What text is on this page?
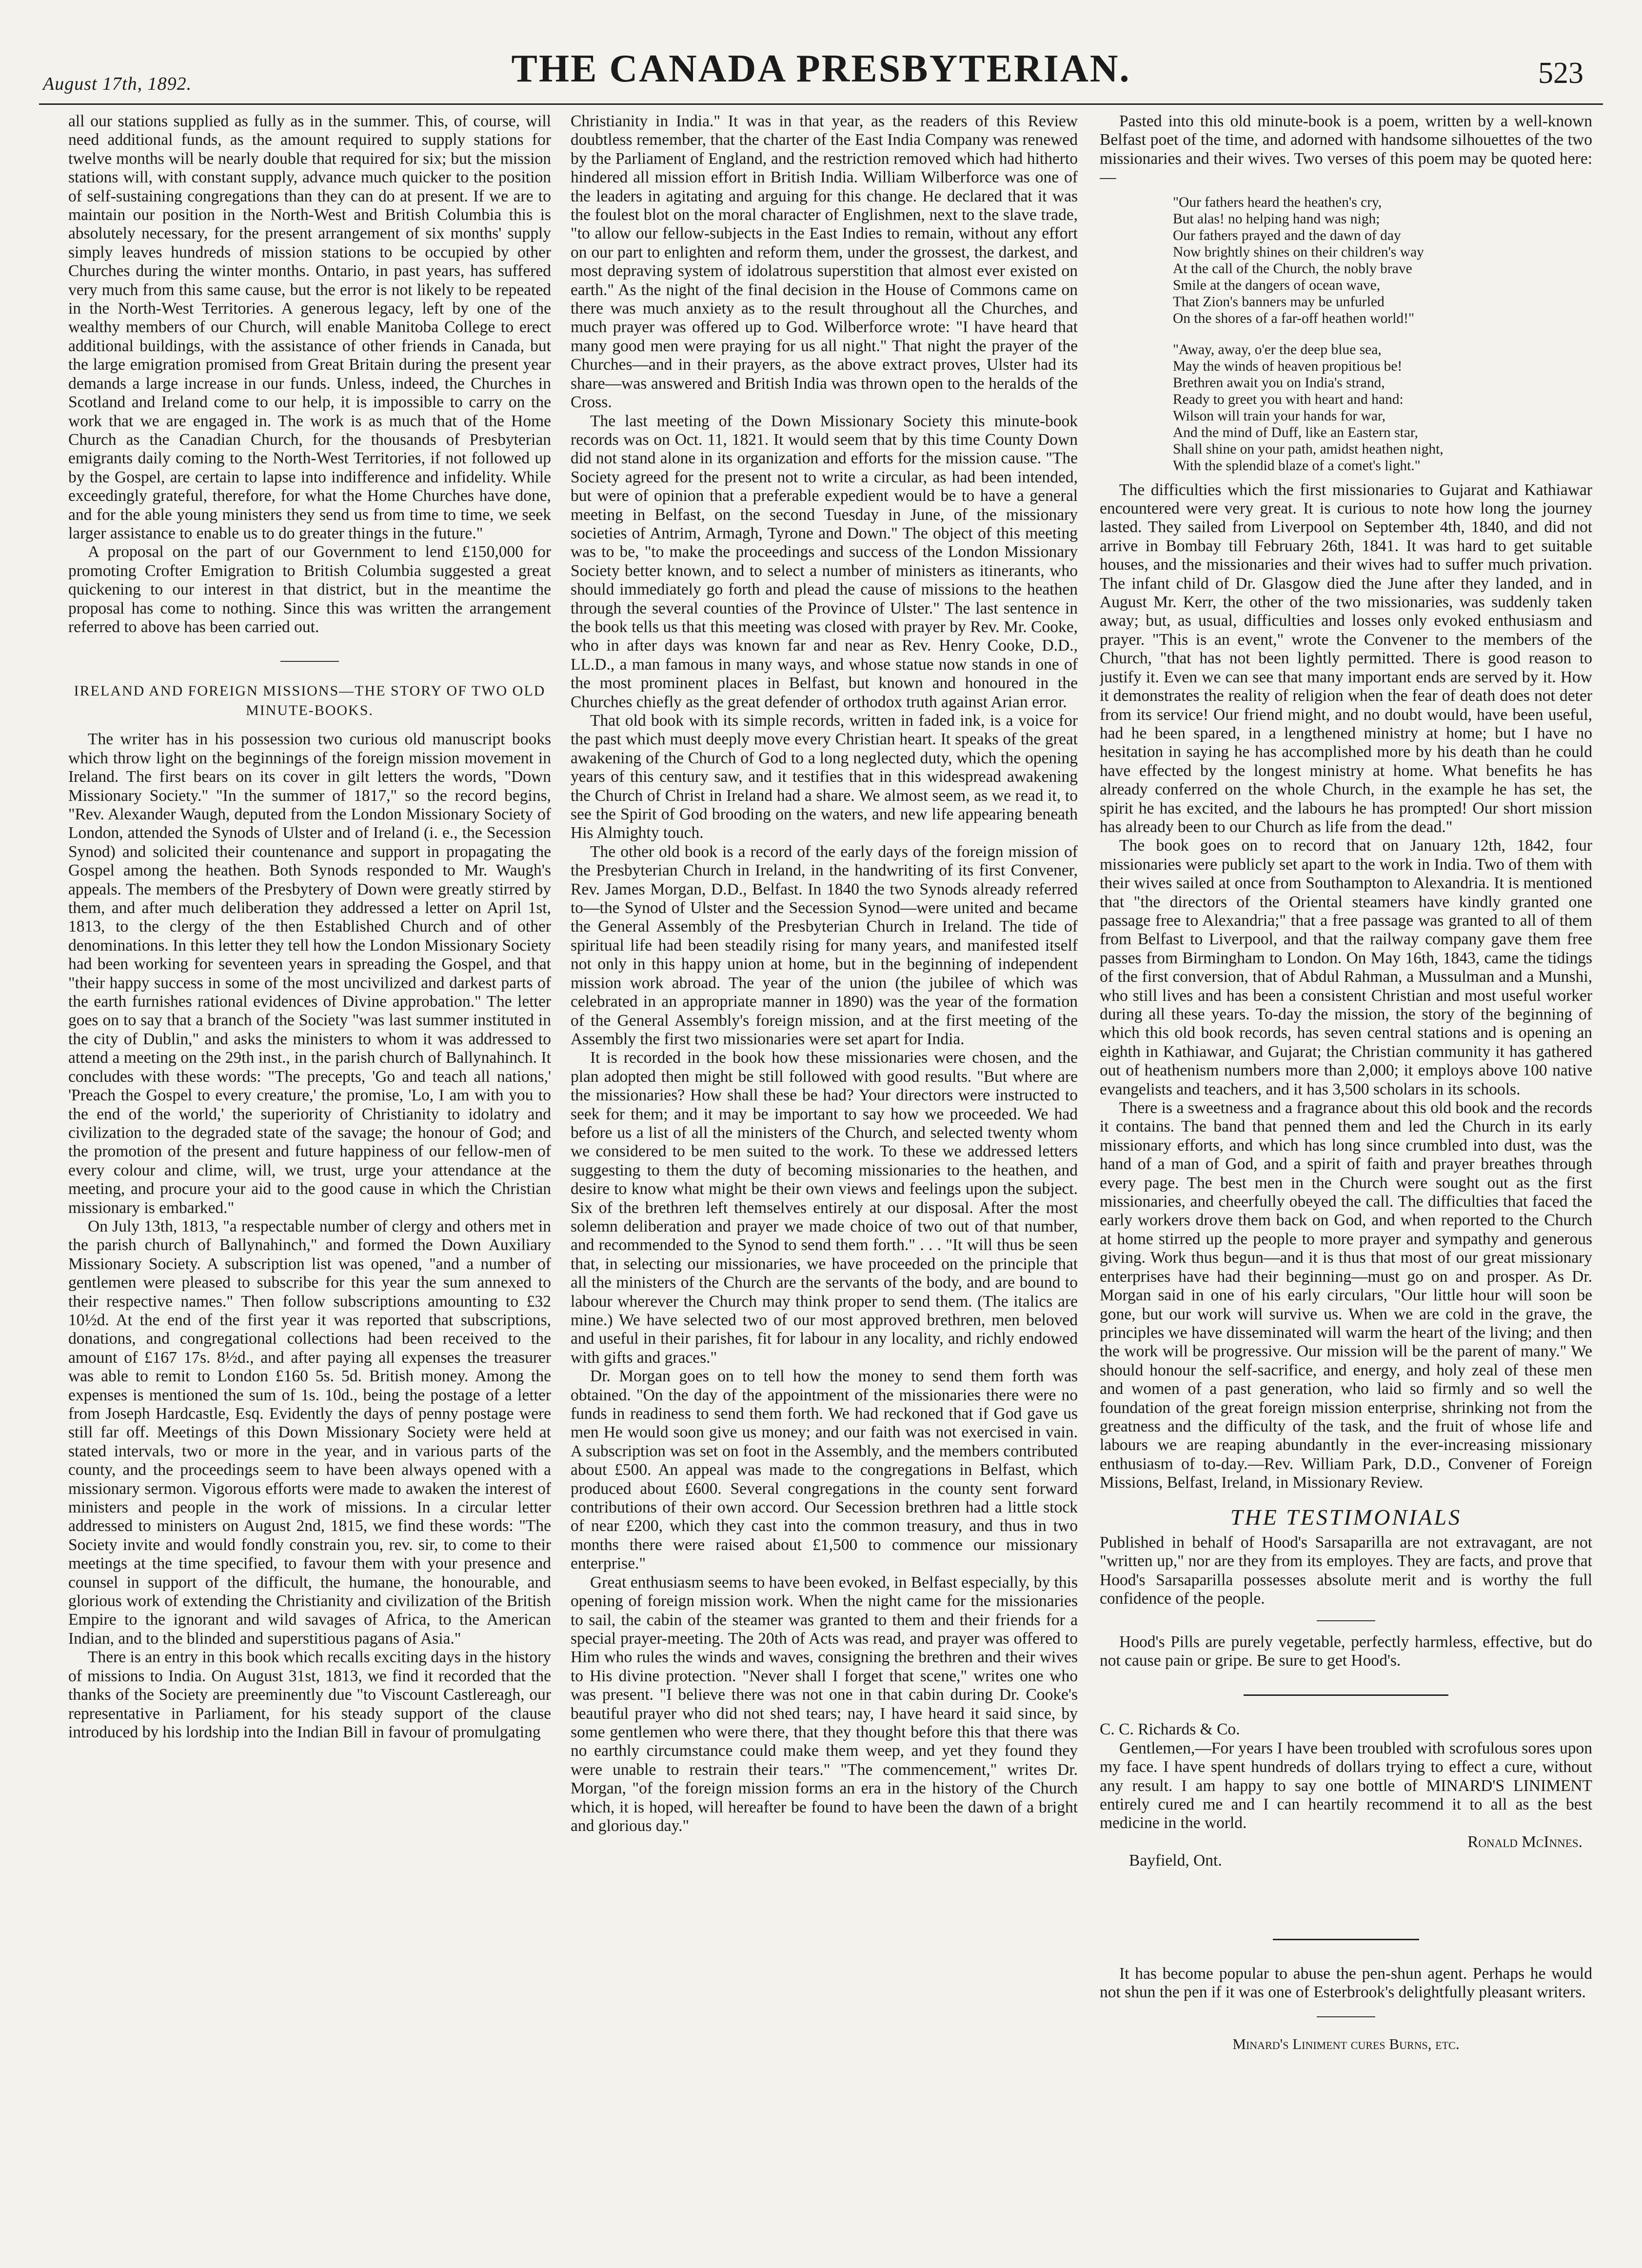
August 17th, 1892.	THE CANADA PRESBYTERIAN.	523

all our stations supplied as fully as in the summer. This, of course, will need additional funds, as the amount required to supply stations for twelve months will be nearly double that required for six; but the mission stations will, with constant supply, advance much quicker to the position of self-sustaining congregations than they can do at present. If we are to maintain our position in the North-West and British Columbia this is absolutely necessary, for the present arrangement of six months' supply simply leaves hundreds of mission stations to be occupied by other Churches during the winter months. Ontario, in past years, has suffered very much from this same cause, but the error is not likely to be repeated in the North-West Territories. A generous legacy, left by one of the wealthy members of our Church, will enable Manitoba College to erect additional buildings, with the assistance of other friends in Canada, but the large emigration promised from Great Britain during the present year demands a large increase in our funds. Unless, indeed, the Churches in Scotland and Ireland come to our help, it is impossible to carry on the work that we are engaged in. The work is as much that of the Home Church as the Canadian Church, for the thousands of Presbyterian emigrants daily coming to the North-West Territories, if not followed up by the Gospel, are certain to lapse into indifference and infidelity. While exceedingly grateful, therefore, for what the Home Churches have done, and for the able young ministers they send us from time to time, we seek larger assistance to enable us to do greater things in the future."

A proposal on the part of our Government to lend £150,000 for promoting Crofter Emigration to British Columbia suggested a great quickening to our interest in that district, but in the meantime the proposal has come to nothing. Since this was written the arrangement referred to above has been carried out.

IRELAND AND FOREIGN MISSIONS—THE STORY OF TWO OLD MINUTE-BOOKS.

The writer has in his possession two curious old manuscript books which throw light on the beginnings of the foreign mission movement in Ireland. The first bears on its cover in gilt letters the words, "Down Missionary Society." "In the summer of 1817," so the record begins, "Rev. Alexander Waugh, deputed from the London Missionary Society of London, attended the Synods of Ulster and of Ireland (i. e., the Secession Synod) and solicited their countenance and support in propagating the Gospel among the heathen. Both Synods responded to Mr. Waugh's appeals. The members of the Presbytery of Down were greatly stirred by them, and after much deliberation they addressed a letter on April 1st, 1813, to the clergy of the then Established Church and of other denominations. In this letter they tell how the London Missionary Society had been working for seventeen years in spreading the Gospel, and that "their happy success in some of the most uncivilized and darkest parts of the earth furnishes rational evidences of Divine approbation." The letter goes on to say that a branch of the Society "was last summer instituted in the city of Dublin," and asks the ministers to whom it was addressed to attend a meeting on the 29th inst., in the parish church of Ballynahinch. It concludes with these words: "The precepts, 'Go and teach all nations,' 'Preach the Gospel to every creature,' the promise, 'Lo, I am with you to the end of the world,' the superiority of Christianity to idolatry and civilization to the degraded state of the savage; the honour of God; and the promotion of the present and future happiness of our fellow-men of every colour and clime, will, we trust, urge your attendance at the meeting, and procure your aid to the good cause in which the Christian missionary is embarked."

On July 13th, 1813, "a respectable number of clergy and others met in the parish church of Ballynahinch," and formed the Down Auxiliary Missionary Society. A subscription list was opened, "and a number of gentlemen were pleased to subscribe for this year the sum annexed to their respective names." Then follow subscriptions amounting to £32 10½d. At the end of the first year it was reported that subscriptions, donations, and congregational collections had been received to the amount of £167 17s. 8½d., and after paying all expenses the treasurer was able to remit to London £160 5s. 5d. British money. Among the expenses is mentioned the sum of 1s. 10d., being the postage of a letter from Joseph Hardcastle, Esq. Evidently the days of penny postage were still far off. Meetings of this Down Missionary Society were held at stated intervals, two or more in the year, and in various parts of the county, and the proceedings seem to have been always opened with a missionary sermon. Vigorous efforts were made to awaken the interest of ministers and people in the work of missions. In a circular letter addressed to ministers on August 2nd, 1815, we find these words: "The Society invite and would fondly constrain you, rev. sir, to come to their meetings at the time specified, to favour them with your presence and counsel in support of the difficult, the humane, the honourable, and glorious work of extending the Christianity and civilization of the British Empire to the ignorant and wild savages of Africa, to the American Indian, and to the blinded and superstitious pagans of Asia."

There is an entry in this book which recalls exciting days in the history of missions to India. On August 31st, 1813, we find it recorded that the thanks of the Society are preeminently due "to Viscount Castlereagh, our representative in Parliament, for his steady support of the clause introduced by his lordship into the Indian Bill in favour of promulgating

Christianity in India." It was in that year, as the readers of this Review doubtless remember, that the charter of the East India Company was renewed by the Parliament of England, and the restriction removed which had hitherto hindered all mission effort in British India. William Wilberforce was one of the leaders in agitating and arguing for this change. He declared that it was the foulest blot on the moral character of Englishmen, next to the slave trade, "to allow our fellow-subjects in the East Indies to remain, without any effort on our part to enlighten and reform them, under the grossest, the darkest, and most depraving system of idolatrous superstition that almost ever existed on earth." As the night of the final decision in the House of Commons came on there was much anxiety as to the result throughout all the Churches, and much prayer was offered up to God. Wilberforce wrote: "I have heard that many good men were praying for us all night." That night the prayer of the Churches—and in their prayers, as the above extract proves, Ulster had its share—was answered and British India was thrown open to the heralds of the Cross.

The last meeting of the Down Missionary Society this minute-book records was on Oct. 11, 1821. It would seem that by this time County Down did not stand alone in its organization and efforts for the mission cause. "The Society agreed for the present not to write a circular, as had been intended, but were of opinion that a preferable expedient would be to have a general meeting in Belfast, on the second Tuesday in June, of the missionary societies of Antrim, Armagh, Tyrone and Down." The object of this meeting was to be, "to make the proceedings and success of the London Missionary Society better known, and to select a number of ministers as itinerants, who should immediately go forth and plead the cause of missions to the heathen through the several counties of the Province of Ulster." The last sentence in the book tells us that this meeting was closed with prayer by Rev. Mr. Cooke, who in after days was known far and near as Rev. Henry Cooke, D.D., LL.D., a man famous in many ways, and whose statue now stands in one of the most prominent places in Belfast, but known and honoured in the Churches chiefly as the great defender of orthodox truth against Arian error.

That old book with its simple records, written in faded ink, is a voice for the past which must deeply move every Christian heart. It speaks of the great awakening of the Church of God to a long neglected duty, which the opening years of this century saw, and it testifies that in this widespread awakening the Church of Christ in Ireland had a share. We almost seem, as we read it, to see the Spirit of God brooding on the waters, and new life appearing beneath His Almighty touch.

The other old book is a record of the early days of the foreign mission of the Presbyterian Church in Ireland, in the handwriting of its first Convener, Rev. James Morgan, D.D., Belfast. In 1840 the two Synods already referred to—the Synod of Ulster and the Secession Synod—were united and became the General Assembly of the Presbyterian Church in Ireland. The tide of spiritual life had been steadily rising for many years, and manifested itself not only in this happy union at home, but in the beginning of independent mission work abroad. The year of the union (the jubilee of which was celebrated in an appropriate manner in 1890) was the year of the formation of the General Assembly's foreign mission, and at the first meeting of the Assembly the first two missionaries were set apart for India.

It is recorded in the book how these missionaries were chosen, and the plan adopted then might be still followed with good results. "But where are the missionaries? How shall these be had? Your directors were instructed to seek for them; and it may be important to say how we proceeded. We had before us a list of all the ministers of the Church, and selected twenty whom we considered to be men suited to the work. To these we addressed letters suggesting to them the duty of becoming missionaries to the heathen, and desire to know what might be their own views and feelings upon the subject. Six of the brethren left themselves entirely at our disposal. After the most solemn deliberation and prayer we made choice of two out of that number, and recommended to the Synod to send them forth." . . . "It will thus be seen that, in selecting our missionaries, we have proceeded on the principle that all the ministers of the Church are the servants of the body, and are bound to labour wherever the Church may think proper to send them. (The italics are mine.) We have selected two of our most approved brethren, men beloved and useful in their parishes, fit for labour in any locality, and richly endowed with gifts and graces."

Dr. Morgan goes on to tell how the money to send them forth was obtained. "On the day of the appointment of the missionaries there were no funds in readiness to send them forth. We had reckoned that if God gave us men He would soon give us money; and our faith was not exercised in vain. A subscription was set on foot in the Assembly, and the members contributed about £500. An appeal was made to the congregations in Belfast, which produced about £600. Several congregations in the county sent forward contributions of their own accord. Our Secession brethren had a little stock of near £200, which they cast into the common treasury, and thus in two months there were raised about £1,500 to commence our missionary enterprise."

Great enthusiasm seems to have been evoked, in Belfast especially, by this opening of foreign mission work. When the night came for the missionaries to sail, the cabin of the steamer was granted to them and their friends for a special prayer-meeting. The 20th of Acts was read, and prayer was offered to Him who rules the winds and waves, consigning the brethren and their wives to His divine protection. "Never shall I forget that scene," writes one who was present. "I believe there was not one in that cabin during Dr. Cooke's beautiful prayer who did not shed tears; nay, I have heard it said since, by some gentlemen who were there, that they thought before this that there was no earthly circumstance could make them weep, and yet they found they were unable to restrain their tears." "The commencement," writes Dr. Morgan, "of the foreign mission forms an era in the history of the Church which, it is hoped, will hereafter be found to have been the dawn of a bright and glorious day."

Pasted into this old minute-book is a poem, written by a well-known Belfast poet of the time, and adorned with handsome silhouettes of the two missionaries and their wives. Two verses of this poem may be quoted here:—

"Our fathers heard the heathen's cry,
But alas! no helping hand was nigh;
Our fathers prayed and the dawn of day
Now brightly shines on their children's way
At the call of the Church, the nobly brave
Smile at the dangers of ocean wave,
That Zion's banners may be unfurled
On the shores of a far-off heathen world!"
"Away, away, o'er the deep blue sea,
May the winds of heaven propitious be!
Brethren await you on India's strand,
Ready to greet you with heart and hand:
Wilson will train your hands for war,
And the mind of Duff, like an Eastern star,
Shall shine on your path, amidst heathen night,
With the splendid blaze of a comet's light."

The difficulties which the first missionaries to Gujarat and Kathiawar encountered were very great. It is curious to note how long the journey lasted. They sailed from Liverpool on September 4th, 1840, and did not arrive in Bombay till February 26th, 1841. It was hard to get suitable houses, and the missionaries and their wives had to suffer much privation. The infant child of Dr. Glasgow died the June after they landed, and in August Mr. Kerr, the other of the two missionaries, was suddenly taken away; but, as usual, difficulties and losses only evoked enthusiasm and prayer. "This is an event," wrote the Convener to the members of the Church, "that has not been lightly permitted. There is good reason to justify it. Even we can see that many important ends are served by it. How it demonstrates the reality of religion when the fear of death does not deter from its service! Our friend might, and no doubt would, have been useful, had he been spared, in a lengthened ministry at home; but I have no hesitation in saying he has accomplished more by his death than he could have effected by the longest ministry at home. What benefits he has already conferred on the whole Church, in the example he has set, the spirit he has excited, and the labours he has prompted! Our short mission has already been to our Church as life from the dead."

The book goes on to record that on January 12th, 1842, four missionaries were publicly set apart to the work in India. Two of them with their wives sailed at once from Southampton to Alexandria. It is mentioned that "the directors of the Oriental steamers have kindly granted one passage free to Alexandria;" that a free passage was granted to all of them from Belfast to Liverpool, and that the railway company gave them free passes from Birmingham to London. On May 16th, 1843, came the tidings of the first conversion, that of Abdul Rahman, a Mussulman and a Munshi, who still lives and has been a consistent Christian and most useful worker during all these years. To-day the mission, the story of the beginning of which this old book records, has seven central stations and is opening an eighth in Kathiawar, and Gujarat; the Christian community it has gathered out of heathenism numbers more than 2,000; it employs above 100 native evangelists and teachers, and it has 3,500 scholars in its schools.

There is a sweetness and a fragrance about this old book and the records it contains. The band that penned them and led the Church in its early missionary efforts, and which has long since crumbled into dust, was the hand of a man of God, and a spirit of faith and prayer breathes through every page. The best men in the Church were sought out as the first missionaries, and cheerfully obeyed the call. The difficulties that faced the early workers drove them back on God, and when reported to the Church at home stirred up the people to more prayer and sympathy and generous giving. Work thus begun—and it is thus that most of our great missionary enterprises have had their beginning—must go on and prosper. As Dr. Morgan said in one of his early circulars, "Our little hour will soon be gone, but our work will survive us. When we are cold in the grave, the principles we have disseminated will warm the heart of the living; and then the work will be progressive. Our mission will be the parent of many." We should honour the self-sacrifice, and energy, and holy zeal of these men and women of a past generation, who laid so firmly and so well the foundation of the great foreign mission enterprise, shrinking not from the greatness and the difficulty of the task, and the fruit of whose life and labours we are reaping abundantly in the ever-increasing missionary enthusiasm of to-day.—Rev. William Park, D.D., Convener of Foreign Missions, Belfast, Ireland, in Missionary Review.

THE TESTIMONIALS

Published in behalf of Hood's Sarsaparilla are not extravagant, are not "written up," nor are they from its employes. They are facts, and prove that Hood's Sarsaparilla possesses absolute merit and is worthy the full confidence of the people.

Hood's Pills are purely vegetable, perfectly harmless, effective, but do not cause pain or gripe. Be sure to get Hood's.

C. C. Richards & Co.

Gentlemen,—For years I have been troubled with scrofulous sores upon my face. I have spent hundreds of dollars trying to effect a cure, without any result. I am happy to say one bottle of MINARD'S LINIMENT entirely cured me and I can heartily recommend it to all as the best medicine in the world.

Ronald McInnes.
Bayfield, Ont.

It has become popular to abuse the pen-shun agent. Perhaps he would not shun the pen if it was one of Esterbrook's delightfully pleasant writers.

Minard's Liniment cures Burns, etc.
